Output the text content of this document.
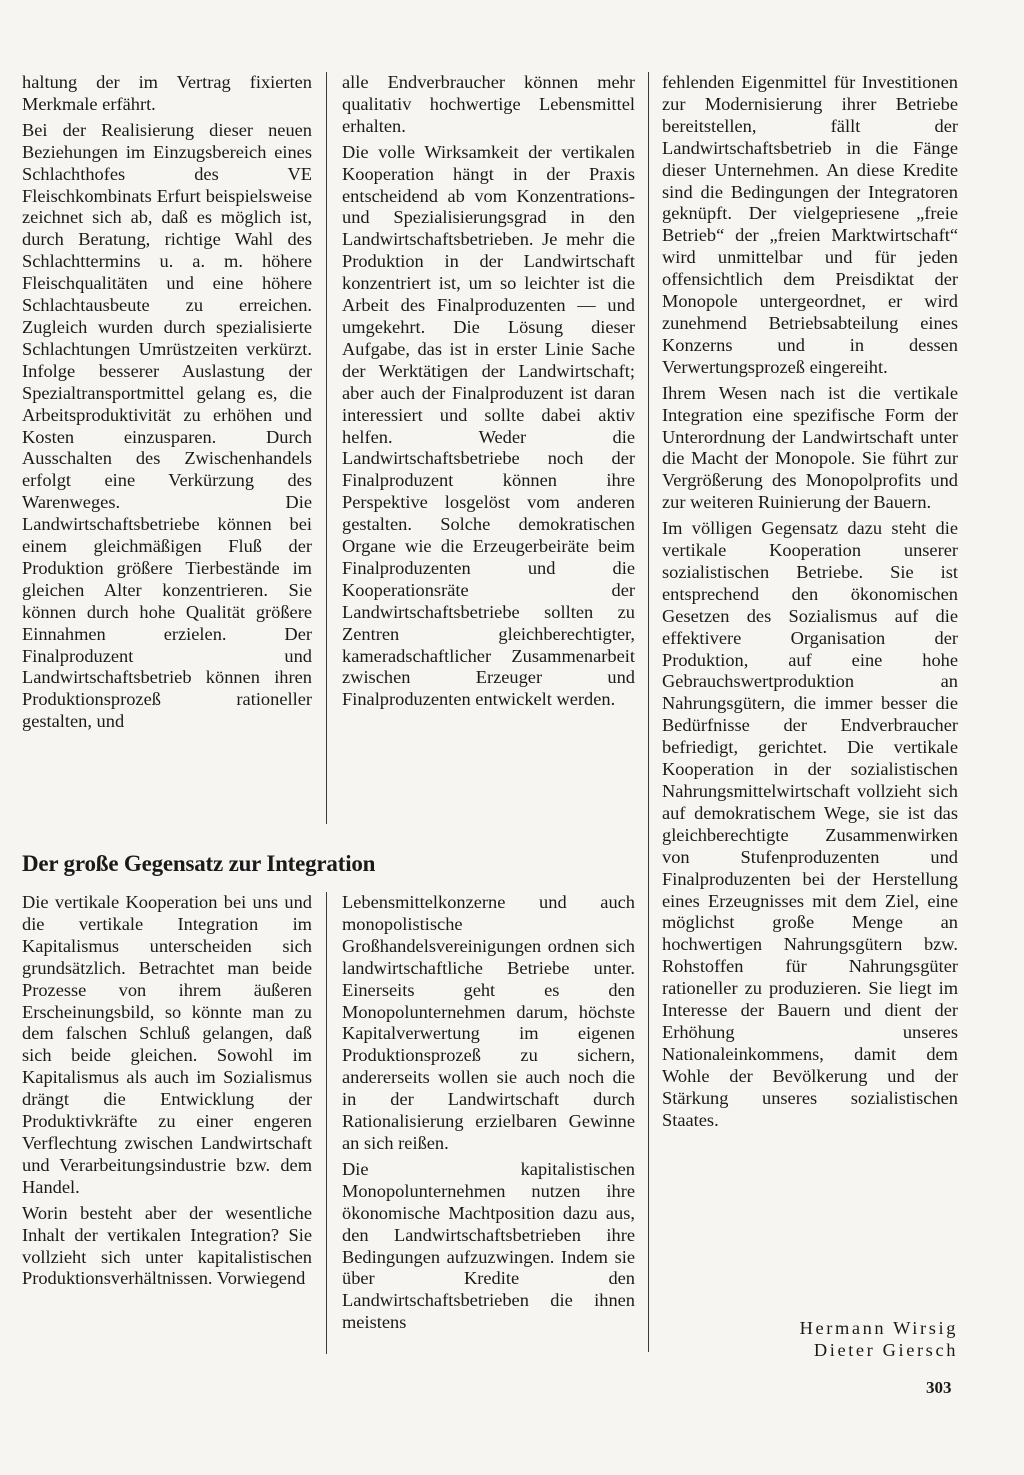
haltung der im Vertrag fixierten Merkmale erfährt.

Bei der Realisierung dieser neuen Beziehungen im Einzugsbereich eines Schlachthofes des VE Fleischkombinats Erfurt beispielsweise zeichnet sich ab, daß es möglich ist, durch Beratung, richtige Wahl des Schlachttermins u. a. m. höhere Fleischqualitäten und eine höhere Schlachtausbeute zu erreichen. Zugleich wurden durch spezialisierte Schlachtungen Umrüstzeiten verkürzt. Infolge besserer Auslastung der Spezialtransportmittel gelang es, die Arbeitsproduktivität zu erhöhen und Kosten einzusparen. Durch Ausschalten des Zwischenhandels erfolgt eine Verkürzung des Warenweges. Die Landwirtschaftsbetriebe können bei einem gleichmäßigen Fluß der Produktion größere Tierbestände im gleichen Alter konzentrieren. Sie können durch hohe Qualität größere Einnahmen erzielen. Der Finalproduzent und Landwirtschaftsbetrieb können ihren Produktionsprozeß rationeller gestalten, und

alle Endverbraucher können mehr qualitativ hochwertige Lebensmittel erhalten.

Die volle Wirksamkeit der vertikalen Kooperation hängt in der Praxis entscheidend ab vom Konzentrations- und Spezialisierungsgrad in den Landwirtschaftsbetrieben. Je mehr die Produktion in der Landwirtschaft konzentriert ist, um so leichter ist die Arbeit des Finalproduzenten — und umgekehrt. Die Lösung dieser Aufgabe, das ist in erster Linie Sache der Werktätigen der Landwirtschaft; aber auch der Finalproduzent ist daran interessiert und sollte dabei aktiv helfen. Weder die Landwirtschaftsbetriebe noch der Finalproduzent können ihre Perspektive losgelöst vom anderen gestalten. Solche demokratischen Organe wie die Erzeugerbeiräte beim Finalproduzenten und die Kooperationsräte der Landwirtschaftsbetriebe sollten zu Zentren gleichberechtigter, kameradschaftlicher Zusammenarbeit zwischen Erzeuger und Finalproduzenten entwickelt werden.

fehlenden Eigenmittel für Investitionen zur Modernisierung ihrer Betriebe bereitstellen, fällt der Landwirtschaftsbetrieb in die Fänge dieser Unternehmen. An diese Kredite sind die Bedingungen der Integratoren geknüpft. Der vielgepriesene „freie Betrieb“ der „freien Marktwirtschaft“ wird unmittelbar und für jeden offensichtlich dem Preisdiktat der Monopole untergeordnet, er wird zunehmend Betriebsabteilung eines Konzerns und in dessen Verwertungsprozeß eingereiht.

Ihrem Wesen nach ist die vertikale Integration eine spezifische Form der Unterordnung der Landwirtschaft unter die Macht der Monopole. Sie führt zur Vergrößerung des Monopolprofits und zur weiteren Ruinierung der Bauern.

Im völligen Gegensatz dazu steht die vertikale Kooperation unserer sozialistischen Betriebe. Sie ist entsprechend den ökonomischen Gesetzen des Sozialismus auf die effektivere Organisation der Produktion, auf eine hohe Gebrauchswertproduktion an Nahrungsgütern, die immer besser die Bedürfnisse der Endverbraucher befriedigt, gerichtet. Die vertikale Kooperation in der sozialistischen Nahrungsmittelwirtschaft vollzieht sich auf demokratischem Wege, sie ist das gleichberechtigte Zusammenwirken von Stufenproduzenten und Finalproduzenten bei der Herstellung eines Erzeugnisses mit dem Ziel, eine möglichst große Menge an hochwertigen Nahrungsgütern bzw. Rohstoffen für Nahrungsgüter rationeller zu produzieren. Sie liegt im Interesse der Bauern und dient der Erhöhung unseres Nationaleinkommens, damit dem Wohle der Bevölkerung und der Stärkung unseres sozialistischen Staates.

Der große Gegensatz zur Integration

Die vertikale Kooperation bei uns und die vertikale Integration im Kapitalismus unterscheiden sich grundsätzlich. Betrachtet man beide Prozesse von ihrem äußeren Erscheinungsbild, so könnte man zu dem falschen Schluß gelangen, daß sich beide gleichen. Sowohl im Kapitalismus als auch im Sozialismus drängt die Entwicklung der Produktivkräfte zu einer engeren Verflechtung zwischen Landwirtschaft und Verarbeitungsindustrie bzw. dem Handel.

Worin besteht aber der wesentliche Inhalt der vertikalen Integration? Sie vollzieht sich unter kapitalistischen Produktionsverhältnissen. Vorwiegend

Lebensmittelkonzerne und auch monopolistische Großhandelsvereinigungen ordnen sich landwirtschaftliche Betriebe unter. Einerseits geht es den Monopolunternehmen darum, höchste Kapitalverwertung im eigenen Produktionsprozeß zu sichern, andererseits wollen sie auch noch die in der Landwirtschaft durch Rationalisierung erzielbaren Gewinne an sich reißen.

Die kapitalistischen Monopolunternehmen nutzen ihre ökonomische Machtposition dazu aus, den Landwirtschaftsbetrieben ihre Bedingungen aufzuzwingen. Indem sie über Kredite den Landwirtschaftsbetrieben die ihnen meistens	Hermann Wirsig
Dieter Giersch

303
